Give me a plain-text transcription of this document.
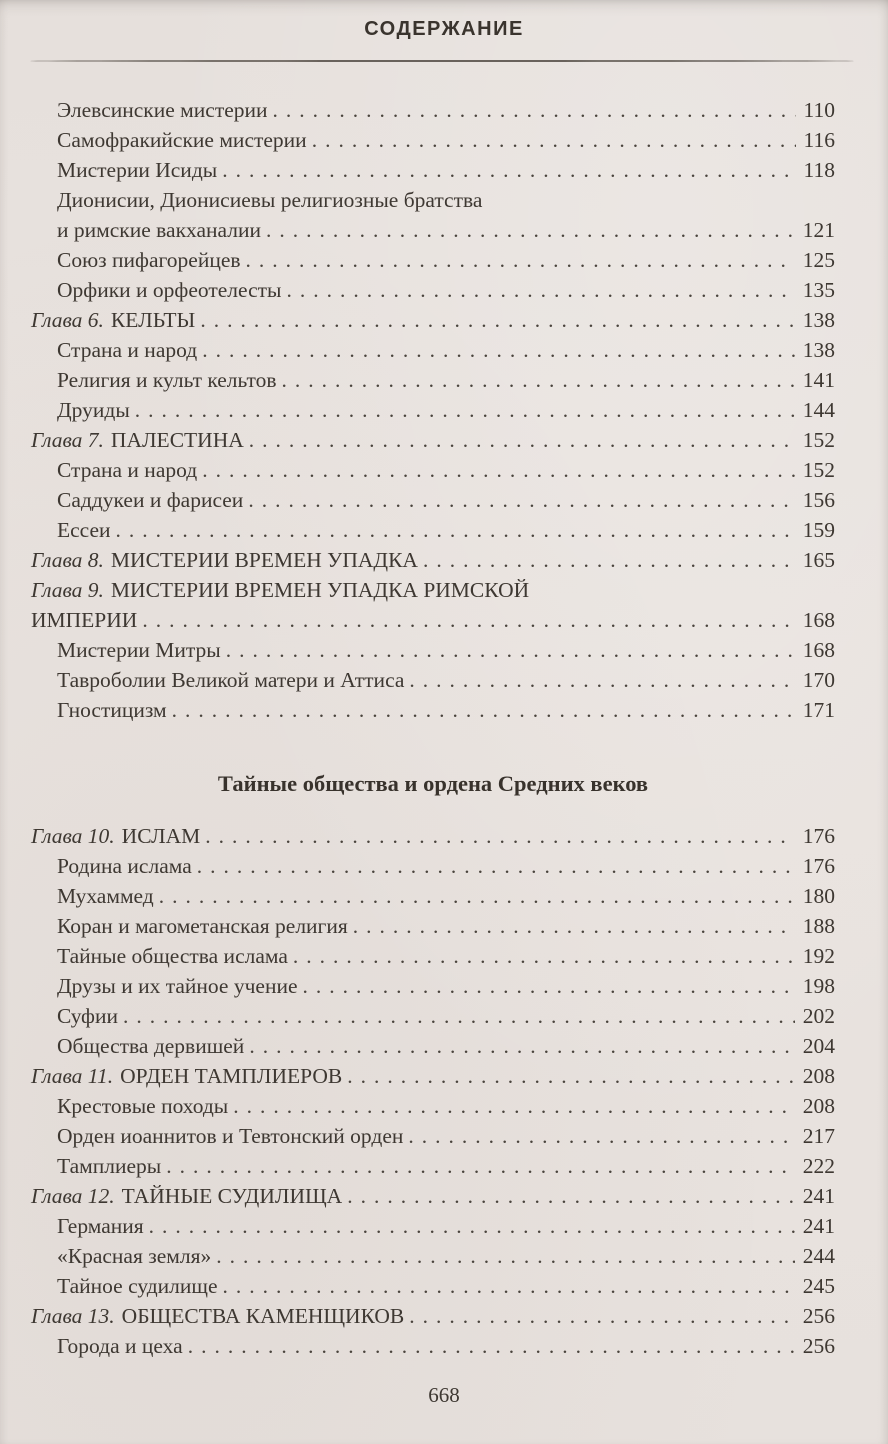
СОДЕРЖАНИЕ
Элевсинские мистерии .....	110
Самофракийские мистерии .....	116
Мистерии Исиды .....	118
Дионисии, Дионисиевы религиозные братства
и римские вакханалии .....	121
Союз пифагорейцев .....	125
Орфики и орфеотелесты .....	135
Глава 6. КЕЛЬТЫ .....	138
Страна и народ .....	138
Религия и культ кельтов .....	141
Друиды .....	144
Глава 7. ПАЛЕСТИНА .....	152
Страна и народ .....	152
Саддукеи и фарисеи .....	156
Ессеи .....	159
Глава 8. МИСТЕРИИ ВРЕМЕН УПАДКА .....	165
Глава 9. МИСТЕРИИ ВРЕМЕН УПАДКА РИМСКОЙ
ИМПЕРИИ .....	168
Мистерии Митры .....	168
Тавроболии Великой матери и Аттиса .....	170
Гностицизм .....	171
Тайные общества и ордена Средних веков
Глава 10. ИСЛАМ .....	176
Родина ислама .....	176
Мухаммед .....	180
Коран и магометанская религия .....	188
Тайные общества ислама .....	192
Друзы и их тайное учение .....	198
Суфии .....	202
Общества дервишей .....	204
Глава 11. ОРДЕН ТАМПЛИЕРОВ .....	208
Крестовые походы .....	208
Орден иоаннитов и Тевтонский орден .....	217
Тамплиеры .....	222
Глава 12. ТАЙНЫЕ СУДИЛИЩА .....	241
Германия .....	241
«Красная земля» .....	244
Тайное судилище .....	245
Глава 13. ОБЩЕСТВА КАМЕНЩИКОВ .....	256
Города и цеха .....	256
668
